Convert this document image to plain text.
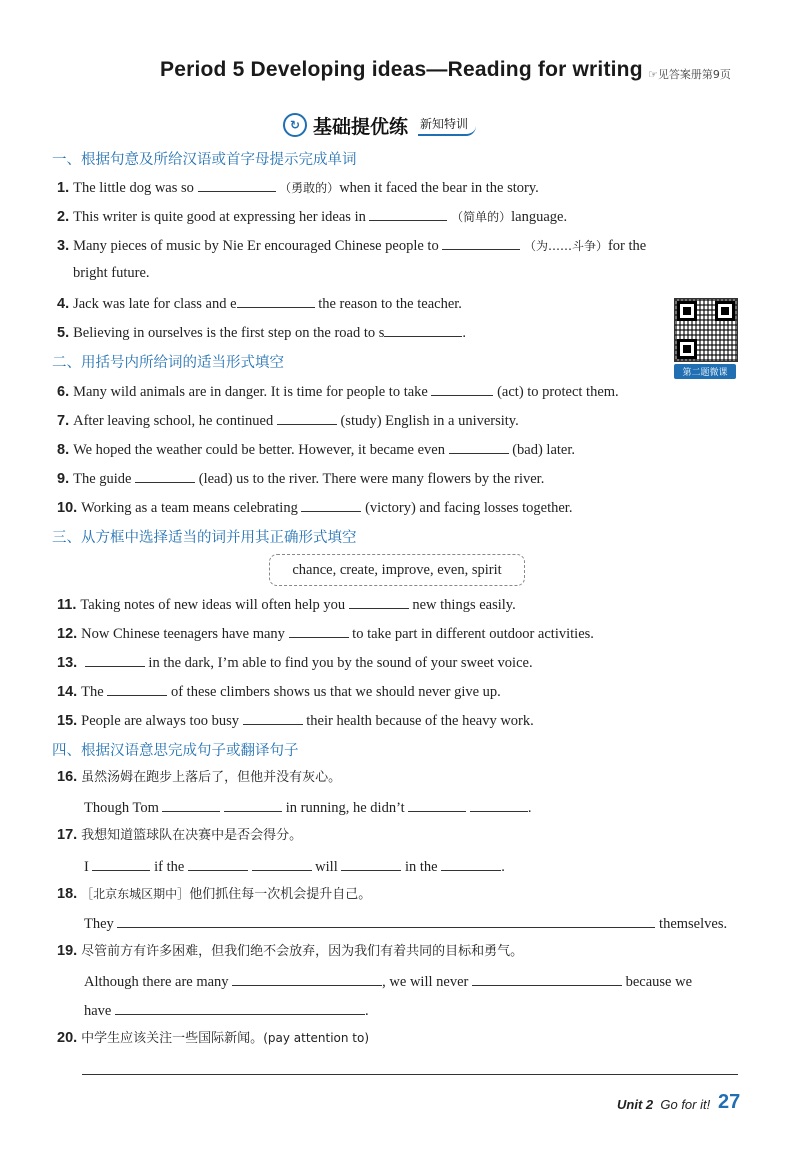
Period 5 Developing ideas—Reading for writing ☞见答案册第9页
↻ 基础提优练 新知特训
第二题微课
一、根据句意及所给汉语或首字母提示完成单词
1. The little dog was so	（勇敢的）when it faced the bear in the story.
2. This writer is quite good at expressing her ideas in	（简单的）language.
3. Many pieces of music by Nie Er encouraged Chinese people to	（为……斗争）for the
bright future.
4. Jack was late for class and e	the reason to the teacher.
5. Believing in ourselves is the first step on the road to s	.
二、用括号内所给词的适当形式填空
6. Many wild animals are in danger. It is time for people to take	(act) to protect them.
7. After leaving school, he continued	(study) English in a university.
8. We hoped the weather could be better. However, it became even	(bad) later.
9. The guide	(lead) us to the river. There were many flowers by the river.
10. Working as a team means celebrating	(victory) and facing losses together.
三、从方框中选择适当的词并用其正确形式填空
chance, create, improve, even, spirit
11. Taking notes of new ideas will often help you	new things easily.
12. Now Chinese teenagers have many	to take part in different outdoor activities.
13.	in the dark, I’m able to find you by the sound of your sweet voice.
14. The	of these climbers shows us that we should never give up.
15. People are always too busy	their health because of the heavy work.
四、根据汉语意思完成句子或翻译句子
16. 虽然汤姆在跑步上落后了，但他并没有灰心。
Though Tom	in running, he didn’t	.
17. 我想知道篮球队在决赛中是否会得分。
I	if the	will	in the	.
18. ［北京东城区期中］他们抓住每一次机会提升自己。
They	themselves.
19. 尽管前方有许多困难，但我们绝不会放弃，因为我们有着共同的目标和勇气。
Although there are many	, we will never	because we
have	.
20. 中学生应该关注一些国际新闻。(pay attention to)
Unit 2 Go for it! 27
